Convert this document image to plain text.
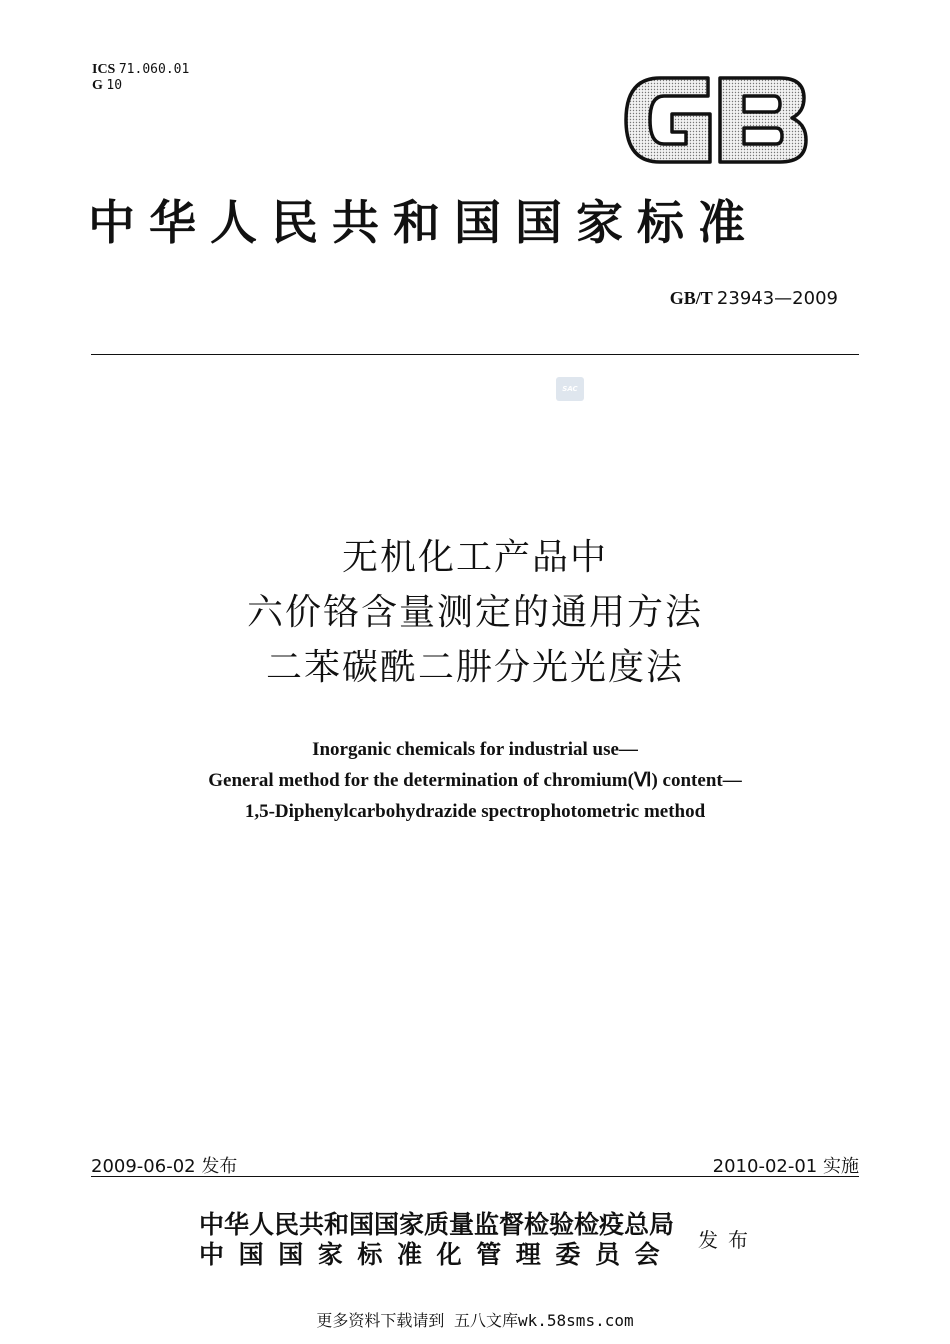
ICS 71.060.01
G 10
GB
中华人民共和国国家标准
GB/T 23943—2009
SAC
无机化工产品中
六价铬含量测定的通用方法
二苯碳酰二肼分光光度法
Inorganic chemicals for industrial use—
General method for the determination of chromium(Ⅵ) content—
1,5-Diphenylcarbohydrazide spectrophotometric method
2009-06-02 发布	2010-02-01 实施
中华人民共和国国家质量监督检验检疫总局
中国国家标准化管理委员会 发布
更多资料下载请到 五八文库wk.58sms.com
